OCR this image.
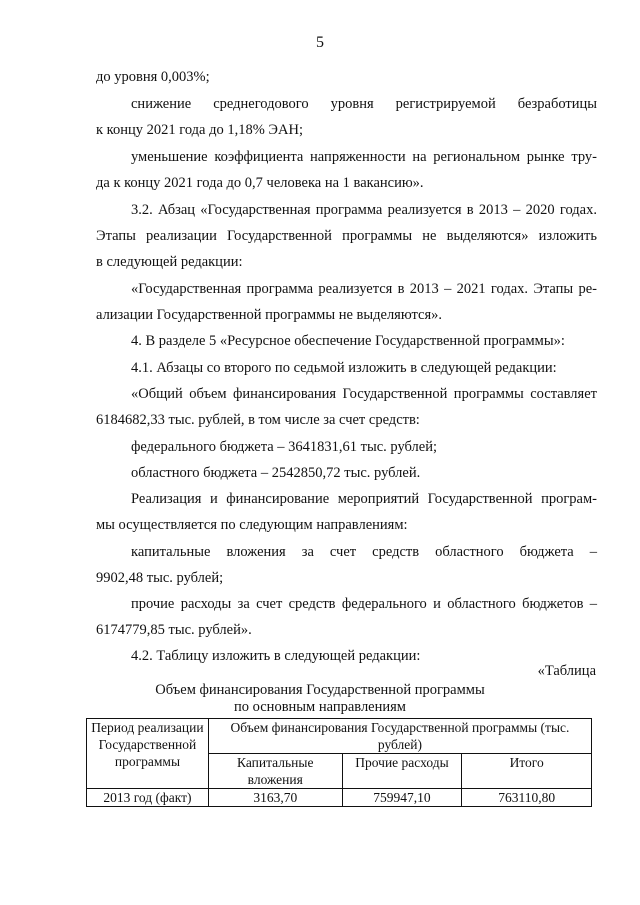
5
до уровня 0,003%;
снижение среднегодового уровня регистрируемой безработицы
к концу 2021 года до 1,18% ЭАН;
уменьшение коэффициента напряженности на региональном рынке тру-
да к концу 2021 года до 0,7 человека на 1 вакансию».
3.2. Абзац «Государственная программа реализуется в 2013 – 2020 годах.
Этапы реализации Государственной программы не выделяются» изложить
в следующей редакции:
«Государственная программа реализуется в 2013 – 2021 годах. Этапы ре-
ализации Государственной программы не выделяются».
4. В разделе 5 «Ресурсное обеспечение Государственной программы»:
4.1. Абзацы со второго по седьмой изложить в следующей редакции:
«Общий объем финансирования Государственной программы составляет
6184682,33 тыс. рублей, в том числе за счет средств:
федерального бюджета – 3641831,61 тыс. рублей;
областного бюджета – 2542850,72 тыс. рублей.
Реализация и финансирование мероприятий Государственной програм-
мы осуществляется по следующим направлениям:
капитальные вложения за счет средств областного бюджета –
9902,48 тыс. рублей;
прочие расходы за счет средств федерального и областного бюджетов –
6174779,85 тыс. рублей».
4.2. Таблицу изложить в следующей редакции:
«Таблица
Объем финансирования Государственной программы
по основным направлениям
Период реализации Государственной программы	Объем финансирования Государственной программы (тыс. рублей)		
	Капитальные вложения	Прочие расходы	Итого
2013 год (факт)	3163,70	759947,10	763110,80
